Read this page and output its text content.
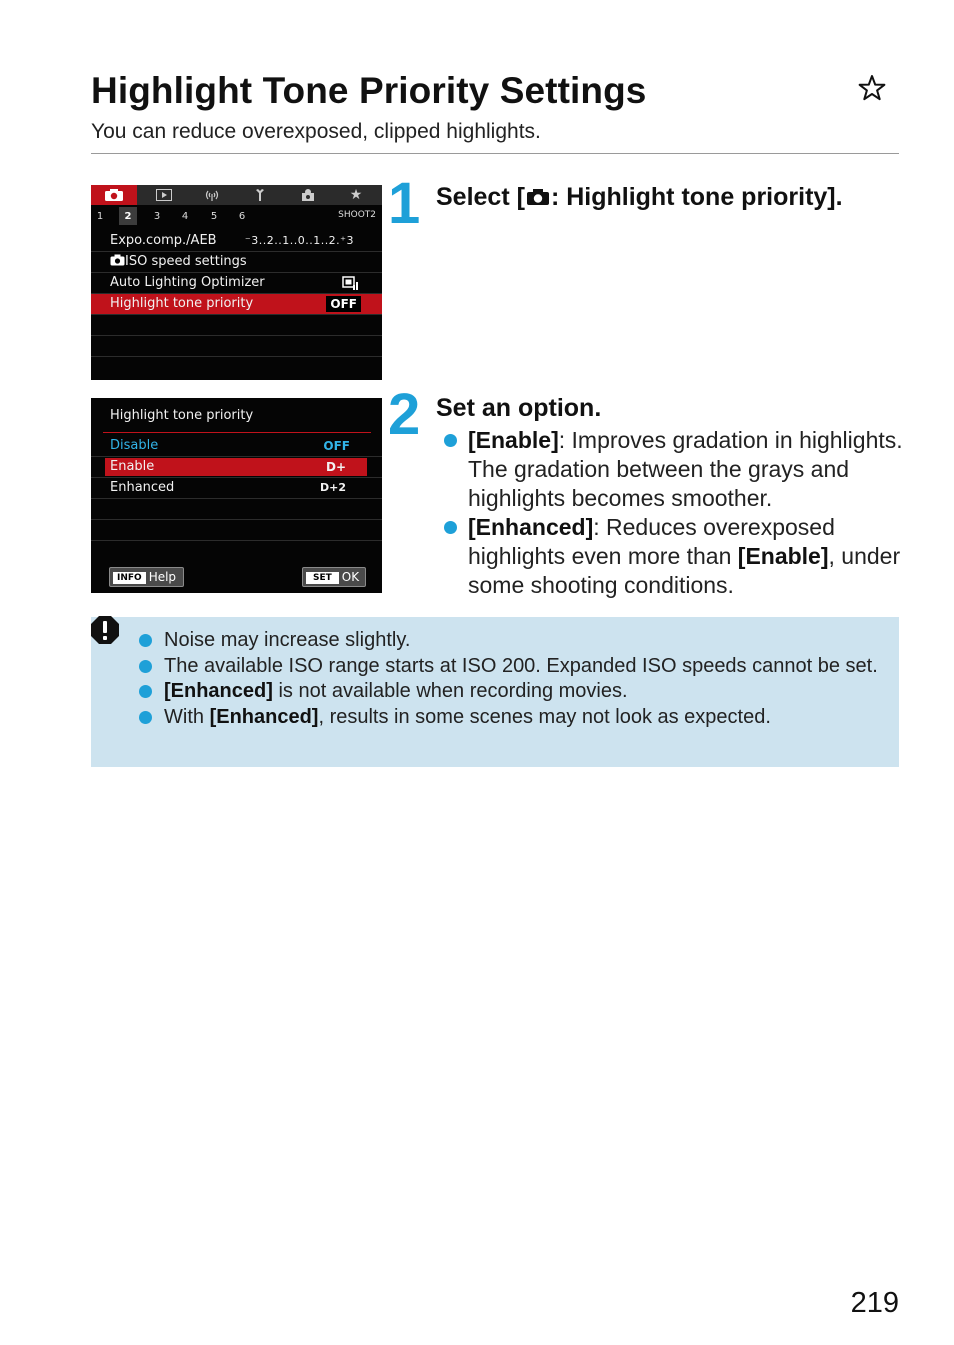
Highlight Tone Priority Settings
You can reduce overexposed, clipped highlights.
★
1	2	3	4	5	6	SHOOT2
Expo.comp./AEB	⁻3..2..1..0..1..2.⁺3
ISO speed settings
Auto Lighting Optimizer
Highlight tone priority	OFF
Highlight tone priority
Disable	OFF
Enable	D+
Enhanced	D+2
INFO Help	SET OK
1 Select [ : Highlight tone priority].
2 Set an option.
[Enable]: Improves gradation in highlights. The gradation between the grays and highlights becomes smoother.
[Enhanced]: Reduces overexposed highlights even more than [Enable], under some shooting conditions.
Noise may increase slightly.
The available ISO range starts at ISO 200. Expanded ISO speeds cannot be set.
[Enhanced] is not available when recording movies.
With [Enhanced], results in some scenes may not look as expected.
219
